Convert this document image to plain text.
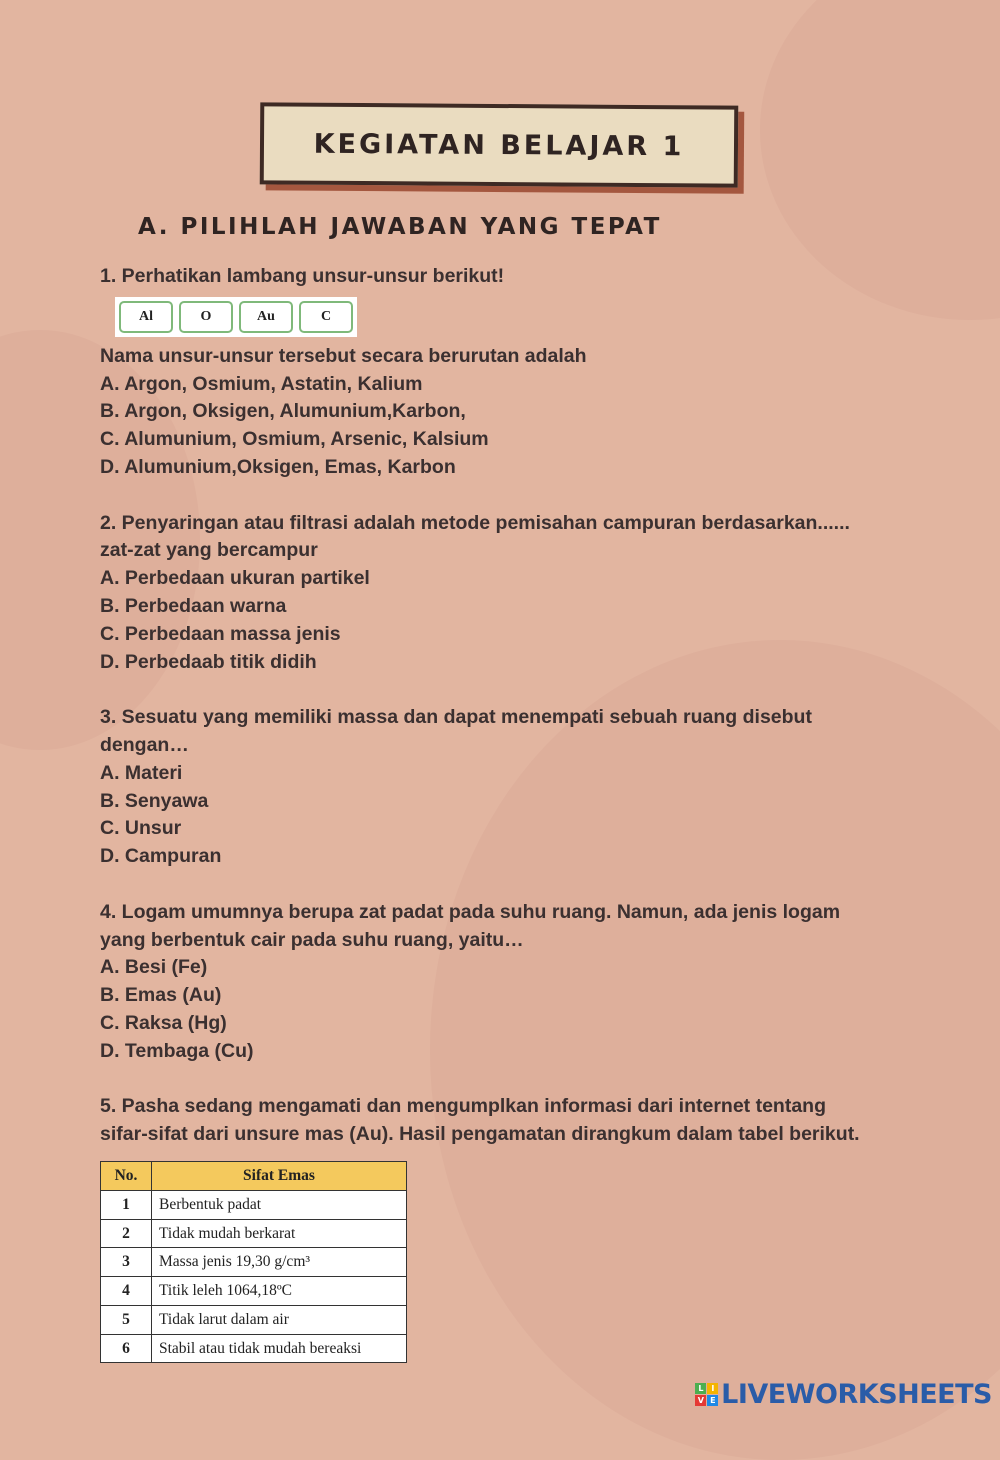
KEGIATAN BELAJAR 1
A. PILIHLAH JAWABAN YANG TEPAT
1. Perhatikan lambang unsur-unsur berikut!
Al	O	Au	C
Nama unsur-unsur tersebut secara berurutan adalah
A. Argon, Osmium, Astatin, Kalium
B. Argon, Oksigen, Alumunium,Karbon,
C. Alumunium, Osmium, Arsenic, Kalsium
D. Alumunium,Oksigen, Emas, Karbon
2. Penyaringan atau filtrasi adalah metode pemisahan campuran berdasarkan......
zat-zat yang bercampur
A. Perbedaan ukuran partikel
B. Perbedaan warna
C. Perbedaan massa jenis
D. Perbedaab titik didih
3. Sesuatu yang memiliki massa dan dapat menempati sebuah ruang disebut
dengan…
A. Materi
B. Senyawa
C. Unsur
D. Campuran
4. Logam umumnya berupa zat padat pada suhu ruang. Namun, ada jenis logam
yang berbentuk cair pada suhu ruang, yaitu…
A. Besi (Fe)
B. Emas (Au)
C. Raksa (Hg)
D. Tembaga (Cu)
5. Pasha sedang mengamati dan mengumplkan informasi dari internet tentang
sifar-sifat dari unsure mas (Au). Hasil pengamatan dirangkum dalam tabel berikut.
No.	Sifat Emas
1	Berbentuk padat
2	Tidak mudah berkarat
3	Massa jenis 19,30 g/cm³
4	Titik leleh 1064,18ºC
5	Tidak larut dalam air
6	Stabil atau tidak mudah bereaksi
L	I
V E LIVEWORKSHEETS
